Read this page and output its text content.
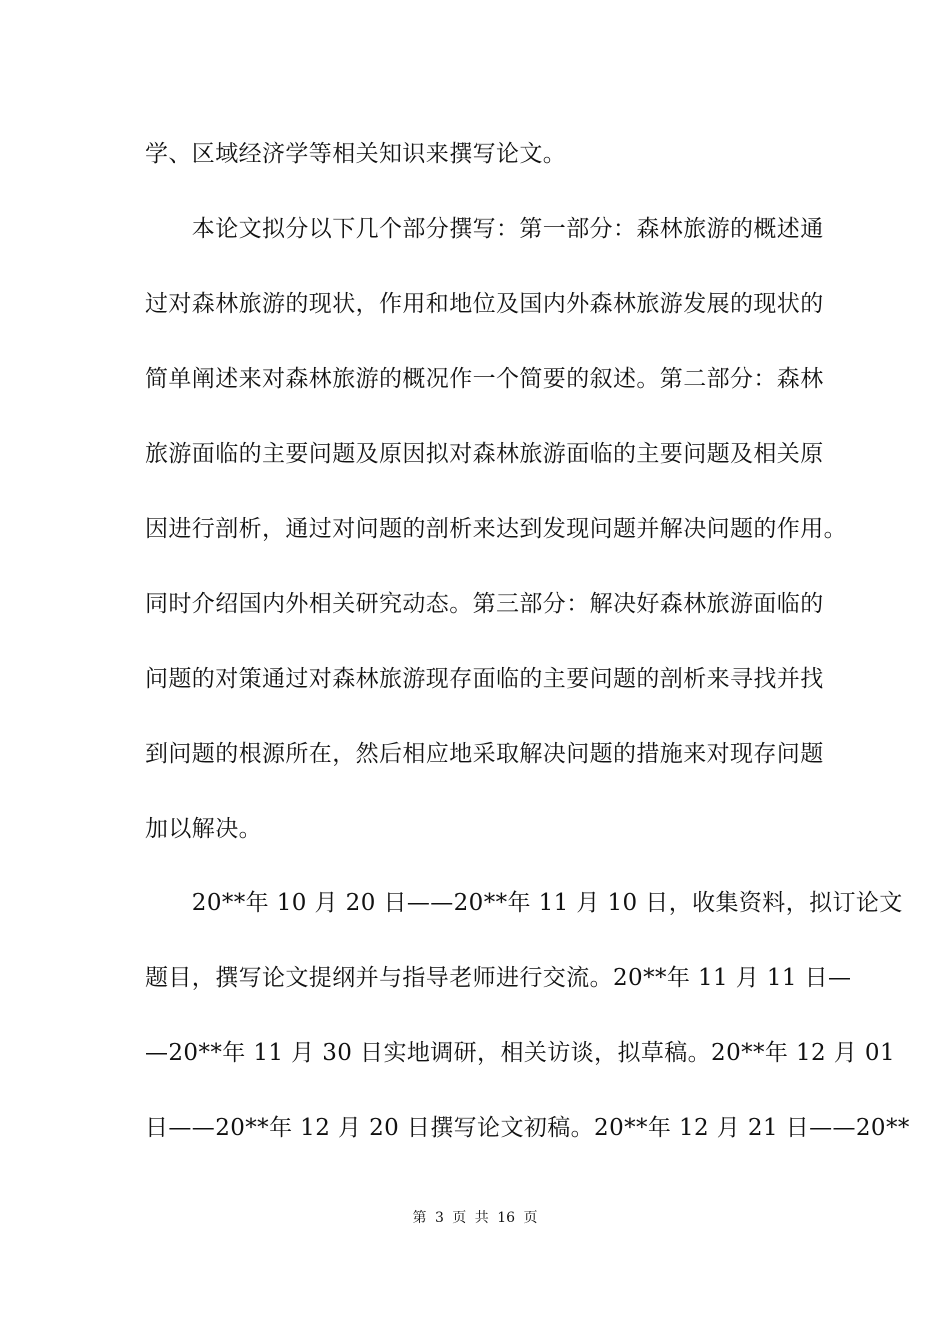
学、区域经济学等相关知识来撰写论文。
　　本论文拟分以下几个部分撰写：第一部分：森林旅游的概述通
过对森林旅游的现状，作用和地位及国内外森林旅游发展的现状的
简单阐述来对森林旅游的概况作一个简要的叙述。第二部分：森林
旅游面临的主要问题及原因拟对森林旅游面临的主要问题及相关原
因进行剖析，通过对问题的剖析来达到发现问题并解决问题的作用。
同时介绍国内外相关研究动态。第三部分：解决好森林旅游面临的
问题的对策通过对森林旅游现存面临的主要问题的剖析来寻找并找
到问题的根源所在，然后相应地采取解决问题的措施来对现存问题
加以解决。
　　20**年 10 月 20 日——20**年 11 月 10 日，收集资料，拟订论文
题目，撰写论文提纲并与指导老师进行交流。20**年 11 月 11 日—
—20**年 11 月 30 日实地调研，相关访谈，拟草稿。20**年 12 月 01
日——20**年 12 月 20 日撰写论文初稿。20**年 12 月 21 日——20**
第 3 页 共 16 页
